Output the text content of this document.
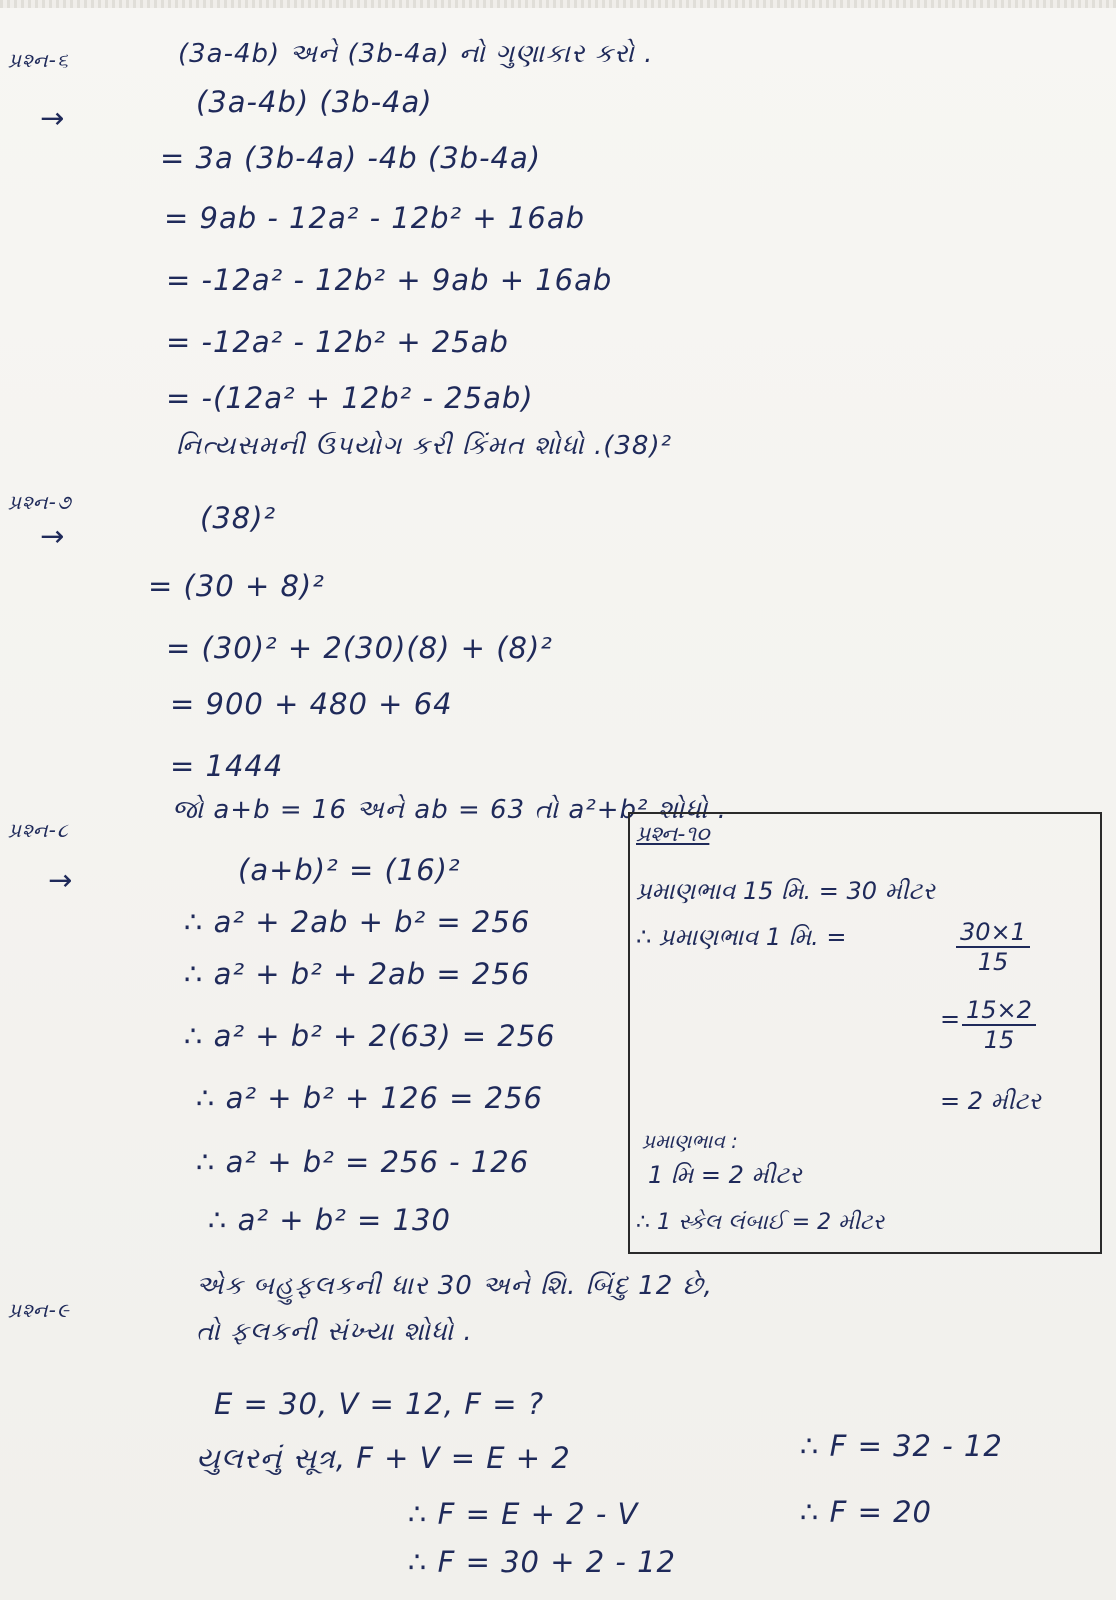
પ્રશ્ન-૬	(3a-4b) અને (3b-4a) નો ગુણાકાર કરો .
→	(3a-4b) (3b-4a)
= 3a (3b-4a) -4b (3b-4a)
= 9ab - 12a² - 12b² + 16ab
= -12a² - 12b² + 9ab + 16ab
= -12a² - 12b² + 25ab
= -(12a² + 12b² - 25ab)
પ્રશ્ન-૭
નિત્યસમની ઉપયોગ કરી કિંમત શોધો .(38)²
→
(38)²
= (30 + 8)²
= (30)² + 2(30)(8) + (8)²
= 900 + 480 + 64
= 1444
પ્રશ્ન-૮
જો a+b = 16 અને ab = 63 તો a²+b² શોધો .
→	(a+b)² = (16)²
∴ a² + 2ab + b² = 256
∴ a² + b² + 2ab = 256
∴ a² + b² + 2(63) = 256
∴ a² + b² + 126 = 256
∴ a² + b² = 256 - 126
∴ a² + b² = 130
પ્રશ્ન-૧૦
પ્રમાણભાવ 15 મિ. = 30 મીટર
∴ પ્રમાણભાવ 1 મિ. =	$\frac{30\times 1}{15}$
= $\frac{15\times 2}{15}$
= 2 મીટર
પ્રમાણભાવ :
1 મિ = 2 મીટર
∴ 1 સ્કેલ લંબાઈ = 2 મીટર
પ્રશ્ન-૯
એક બહુફલકની ધાર 30 અને શિ. બિંદુ 12 છે,
તો ફલકની સંખ્યા શોધો .
E = 30, V = 12, F = ?
યુલરનું સૂત્ર, F + V = E + 2
∴ F = E + 2 - V
∴ F = 30 + 2 - 12
∴ F = 32 - 12
∴ F = 20
